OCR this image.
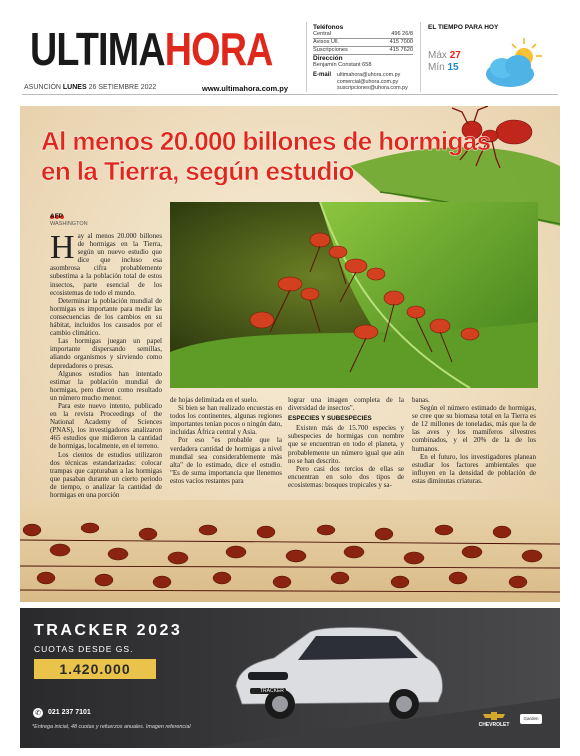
ULTIMAHORA
ASUNCIÓN LUNES 26 SETIEMBRE 2022	www.ultimahora.com.py
Teléfonos
Central	496 26/8
Avisos Ull.	415 7000
Suscripciones	415 7620
Dirección
Benjamín Constant 658
E-mail ultimahora@uhora.com.py
comercial@uhora.com.py
suscripciones@uhora.com.py
EL TIEMPO PARA HOY
Máx 27
Mín 15
Al menos 20.000 billones de hormigas
en la Tierra, según estudio
AFP
WASHINGTON

Hay al menos 20.000 billones de hormigas en la Tierra, según un nuevo estudio que dice que incluso esa asombrosa cifra probablemente subestima a la población total de estos insectos, parte esencial de los ecosistemas de todo el mundo.

Determinar la población mundial de hormigas es importante para medir las consecuencias de los cambios en su hábitat, incluidos los causados por el cambio climático.

Las hormigas juegan un papel importante dispersando semillas, aliando organismos y sirviendo como depredadores o presas.

Algunos estudios han intentado estimar la población mundial de hormigas, pero dieron como resultado un número mucho menor.

Para este nuevo intento, publicado en la revista Proceedings of the National Academy of Sciences (PNAS), los investigadores analizaron 465 estudios que midieron la cantidad de hormigas, localmente, en el terreno.

Los cientos de estudios utilizaron dos técnicas estandarizadas: colocar trampas que capturaban a las hormigas que pasaban durante un cierto periodo de tiempo, o analizar la cantidad de hormigas en una porción

de hojas delimitada en el suelo.

Si bien se han realizado encuestas en todos los continentes, algunas regiones importantes tenían pocos o ningún dato, incluidas África central y Asia.

Por eso "es probable que la verdadera cantidad de hormigas a nivel mundial sea considerablemente más alta" de lo estimado, dice el estudio. "Es de suma importancia que llenemos estos vacíos restantes para

lograr una imagen completa de la diversidad de insectos".

ESPECIES Y SUBESPECIES

Existen más de 15.700 especies y subespecies de hormigas con nombre que se encuentran en todo el planeta, y probablemente un número igual que aún no se han descrito.

Pero casi dos tercios de ellas se encuentran en solo dos tipos de ecosistemas: bosques tropicales y sa-

banas.

Según el número estimado de hormigas, se cree que su biomasa total en la Tierra es de 12 millones de toneladas, más que la de las aves y los mamíferos silvestres combinados, y el 20% de la de los humanos.

En el futuro, los investigadores planean estudiar los factores ambientales que influyen en la densidad de población de estas diminutas criaturas.

TRACKER
TRACKER 2023
CUOTAS DESDE GS.
1.420.000
✆ 021 237 7101
*Entrega inicial, 48 cuotas y refuerzos anuales. Imagen referencial	CHEVROLET
Garden
